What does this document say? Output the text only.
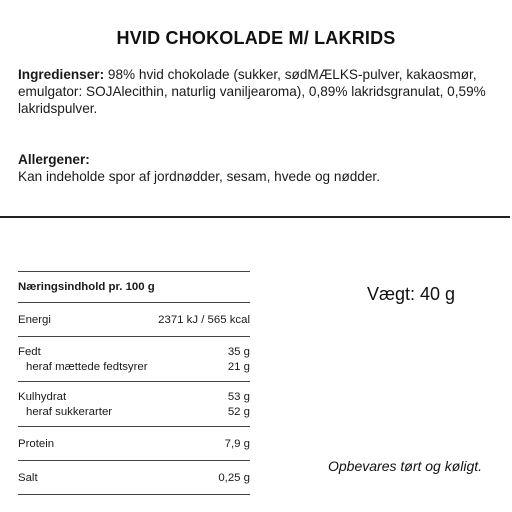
HVID CHOKOLADE M/ LAKRIDS
Ingredienser: 98% hvid chokolade (sukker, sødMÆLKS-pulver, kakaosmør, emulgator: SOJAlecithin, naturlig vaniljearoma), 0,89% lakridsgranulat, 0,59% lakridspulver.
Allergener:
Kan indeholde spor af jordnødder, sesam, hvede og nødder.
Næringsindhold pr. 100 g
Energi	2371 kJ / 565 kcal
Fedt	35 g
heraf mættede fedtsyrer	21 g
Kulhydrat	53 g
heraf sukkerarter	52 g
Protein	7,9 g
Salt	0,25 g
Vægt: 40 g
Opbevares tørt og køligt.
